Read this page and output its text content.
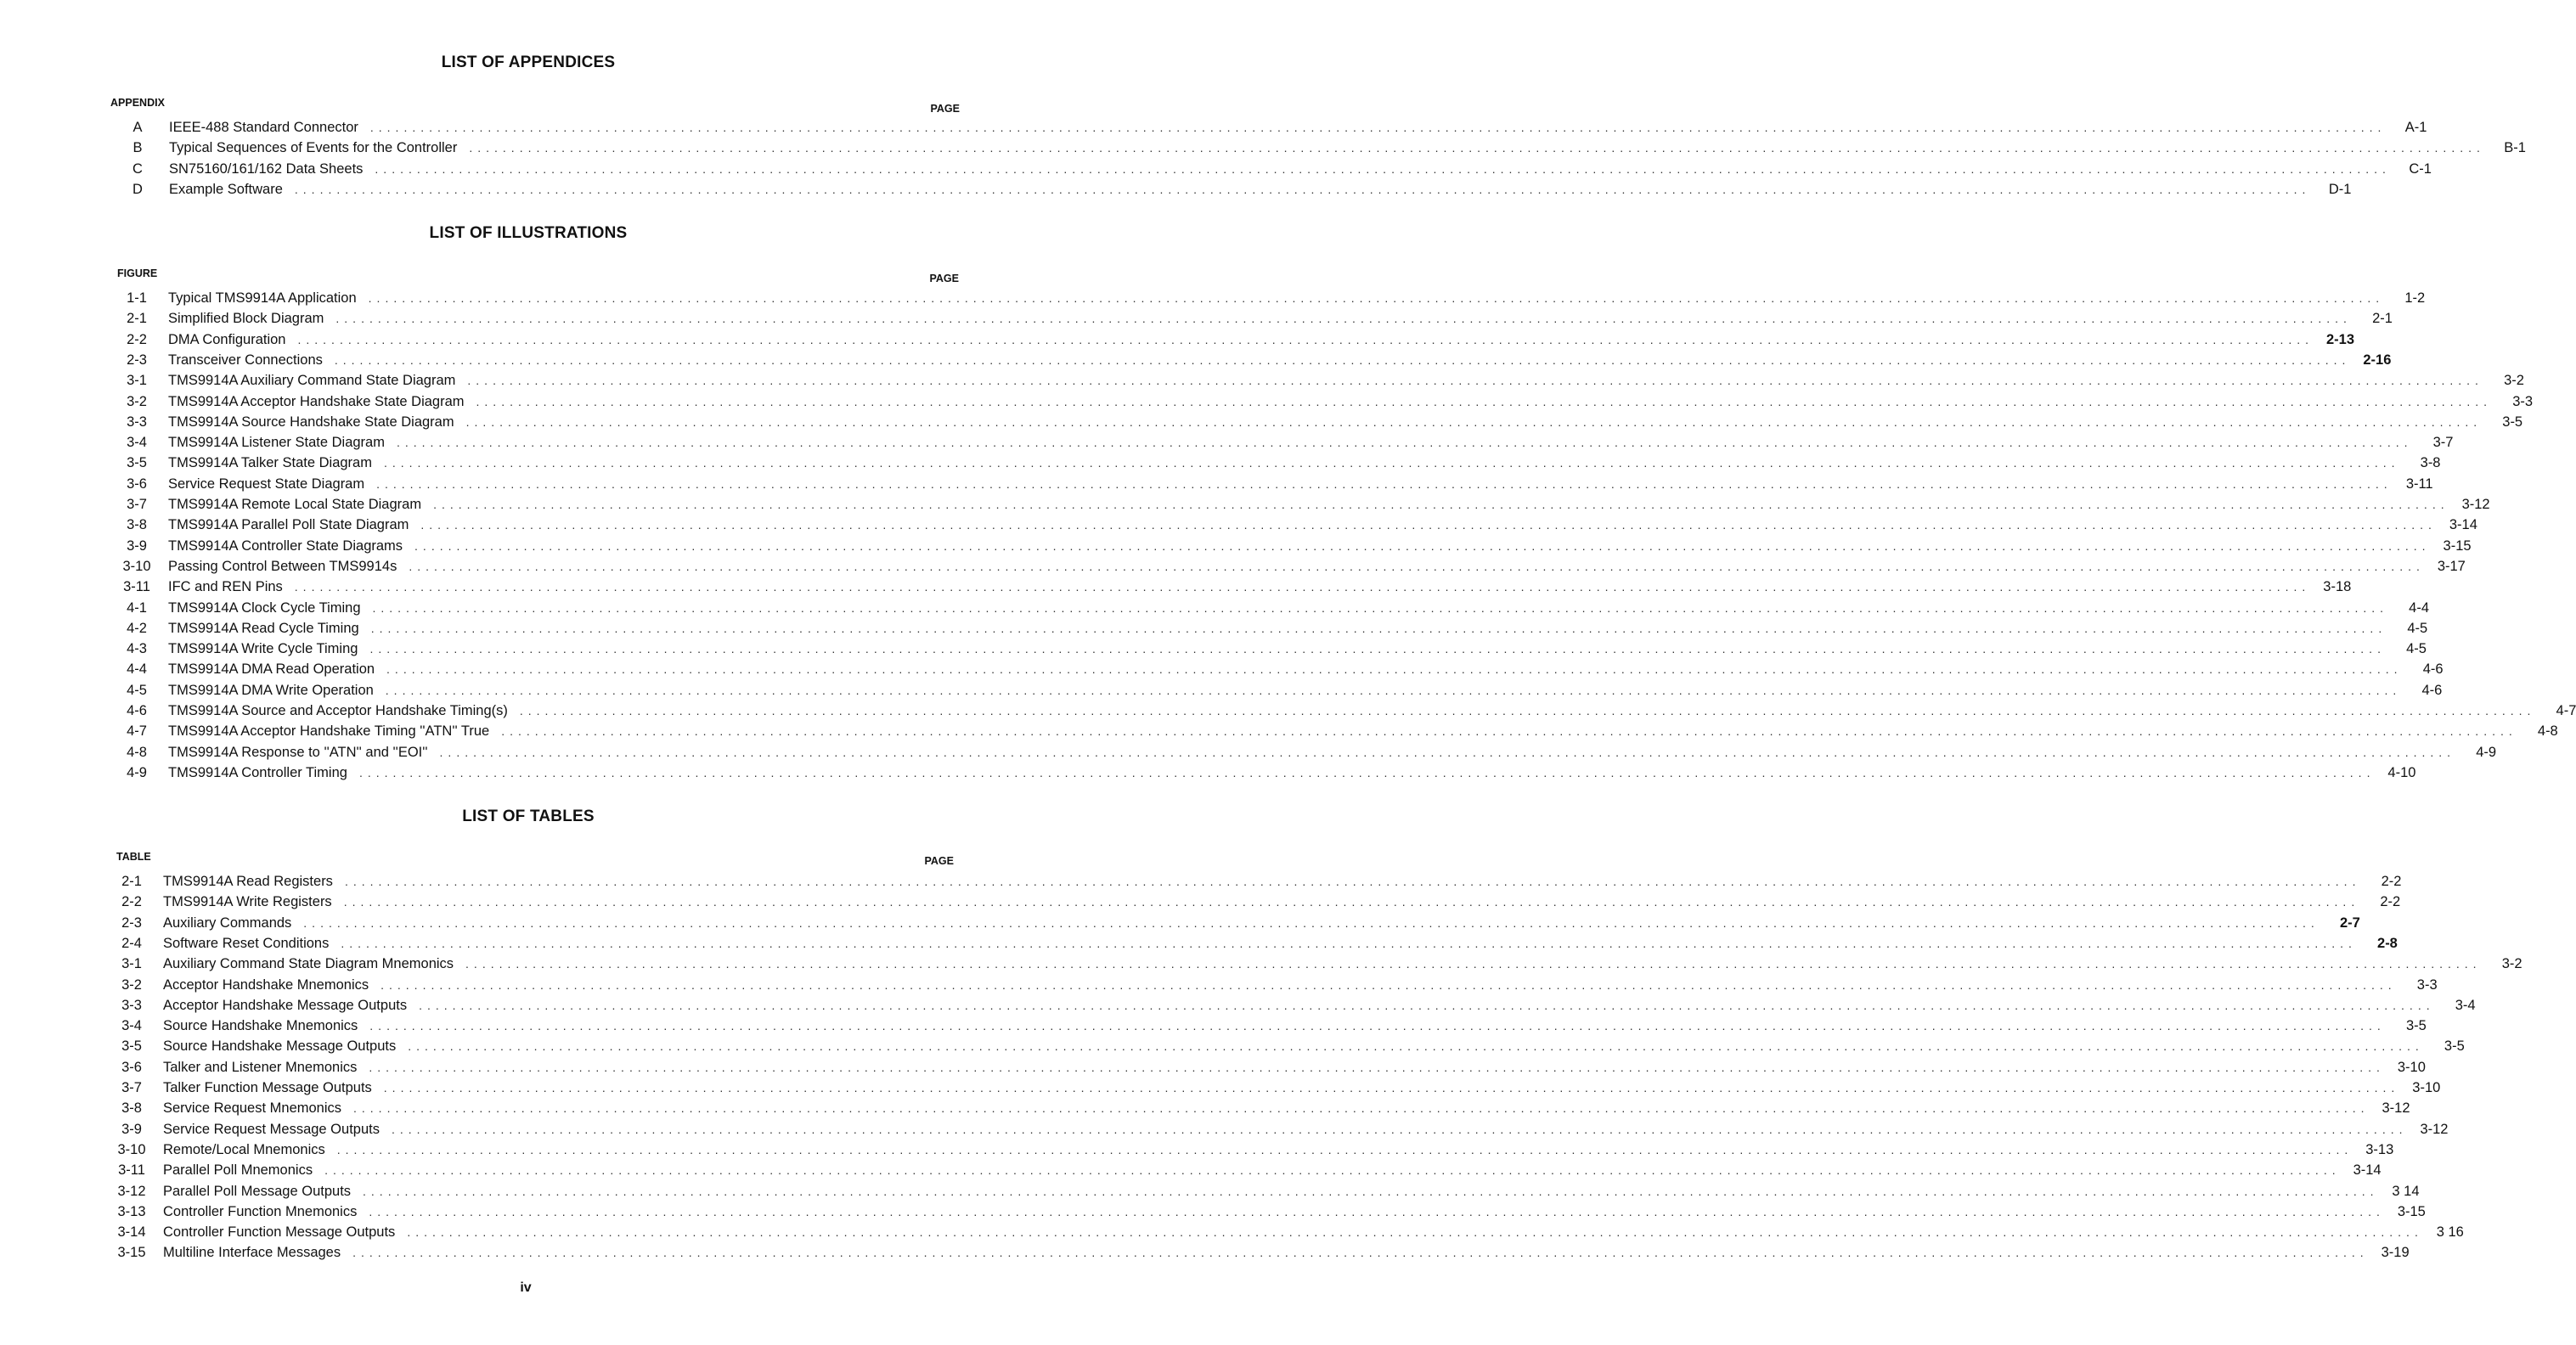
LIST OF APPENDICES
APPENDIX	PAGE
A	IEEE-488 Standard Connector	................................................................................................................................................................................................................................................	A-1
B	Typical Sequences of Events for the Controller	................................................................................................................................................................................................................................................	B-1
C	SN75160/161/162 Data Sheets	................................................................................................................................................................................................................................................	C-1
D	Example Software	................................................................................................................................................................................................................................................	D-1
LIST OF ILLUSTRATIONS
FIGURE	PAGE
1-1	Typical TMS9914A Application	................................................................................................................................................................................................................................................	1-2
2-1	Simplified Block Diagram	................................................................................................................................................................................................................................................	2-1
2-2	DMA Configuration	................................................................................................................................................................................................................................................ 2-13
2-3	Transceiver Connections	................................................................................................................................................................................................................................................ 2-16
3-1	TMS9914A Auxiliary Command State Diagram	................................................................................................................................................................................................................................................	3-2
3-2	TMS9914A Acceptor Handshake State Diagram	................................................................................................................................................................................................................................................	3-3
3-3	TMS9914A Source Handshake State Diagram	................................................................................................................................................................................................................................................	3-5
3-4	TMS9914A Listener State Diagram	................................................................................................................................................................................................................................................	3-7
3-5	TMS9914A Talker State Diagram	................................................................................................................................................................................................................................................	3-8
3-6	Service Request State Diagram	................................................................................................................................................................................................................................................ 3-11
3-7	TMS9914A Remote Local State Diagram	................................................................................................................................................................................................................................................ 3-12
3-8	TMS9914A Parallel Poll State Diagram	................................................................................................................................................................................................................................................ 3-14
3-9	TMS9914A Controller State Diagrams	................................................................................................................................................................................................................................................ 3-15
3-10 Passing Control Between TMS9914s	................................................................................................................................................................................................................................................ 3-17
3-11 IFC and REN Pins	................................................................................................................................................................................................................................................ 3-18
4-1	TMS9914A Clock Cycle Timing	................................................................................................................................................................................................................................................	4-4
4-2	TMS9914A Read Cycle Timing	................................................................................................................................................................................................................................................	4-5
4-3	TMS9914A Write Cycle Timing	................................................................................................................................................................................................................................................	4-5
4-4	TMS9914A DMA Read Operation	................................................................................................................................................................................................................................................	4-6
4-5	TMS9914A DMA Write Operation	................................................................................................................................................................................................................................................	4-6
4-6	TMS9914A Source and Acceptor Handshake Timing(s)	................................................................................................................................................................................................................................................	4-7
4-7	TMS9914A Acceptor Handshake Timing ''ATN'' True	................................................................................................................................................................................................................................................	4-8
4-8	TMS9914A Response to ''ATN'' and ''EOI''	................................................................................................................................................................................................................................................	4-9
4-9	TMS9914A Controller Timing	................................................................................................................................................................................................................................................ 4-10
LIST OF TABLES
TABLE	PAGE
2-1	TMS9914A Read Registers	................................................................................................................................................................................................................................................	2-2
2-2	TMS9914A Write Registers	................................................................................................................................................................................................................................................	2-2
2-3	Auxiliary Commands	................................................................................................................................................................................................................................................	2-7
2-4	Software Reset Conditions	................................................................................................................................................................................................................................................	2-8
3-1	Auxiliary Command State Diagram Mnemonics	................................................................................................................................................................................................................................................	3-2
3-2	Acceptor Handshake Mnemonics	................................................................................................................................................................................................................................................	3-3
3-3	Acceptor Handshake Message Outputs	................................................................................................................................................................................................................................................	3-4
3-4	Source Handshake Mnemonics	................................................................................................................................................................................................................................................	3-5
3-5	Source Handshake Message Outputs	................................................................................................................................................................................................................................................	3-5
3-6	Talker and Listener Mnemonics	................................................................................................................................................................................................................................................ 3-10
3-7	Talker Function Message Outputs	................................................................................................................................................................................................................................................ 3-10
3-8	Service Request Mnemonics	................................................................................................................................................................................................................................................ 3-12
3-9	Service Request Message Outputs	................................................................................................................................................................................................................................................ 3-12
3-10 Remote/Local Mnemonics	................................................................................................................................................................................................................................................ 3-13
3-11 Parallel Poll Mnemonics	................................................................................................................................................................................................................................................ 3-14
3-12 Parallel Poll Message Outputs	................................................................................................................................................................................................................................................ 3 14
3-13 Controller Function Mnemonics	................................................................................................................................................................................................................................................ 3-15
3-14 Controller Function Message Outputs	................................................................................................................................................................................................................................................ 3 16
3-15 Multiline Interface Messages	................................................................................................................................................................................................................................................ 3-19
iv
